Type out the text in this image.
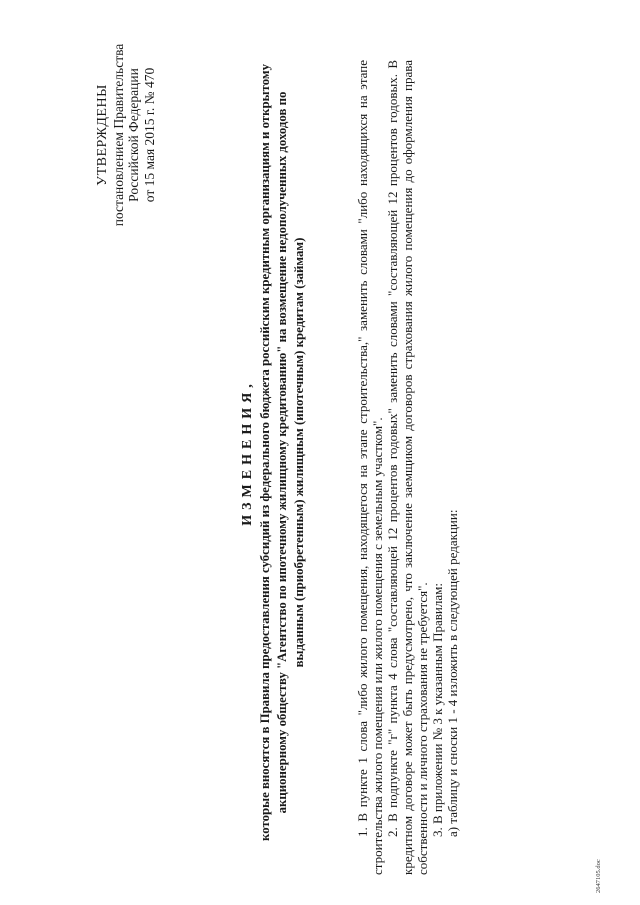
УТВЕРЖДЕНЫ постановлением Правительства Российской Федерации от 15 мая 2015 г. № 470
ИЗМЕНЕНИЯ, которые вносятся в Правила предоставления субсидий из федерального бюджета российским кредитным организациям и открытому акционерному обществу "Агентство по ипотечному жилищному кредитованию" на возмещение недополученных доходов по выданным (приобретенным) жилищным (ипотечным) кредитам (займам)	1. В пункте 1 слова "либо жилого помещения, находящегося на этапе строительства," заменить словами "либо находящихся на этапе строительства жилого помещения или жилого помещения с земельным участком". 2. В подпункте "г" пункта 4 слова "составляющей 12 процентов годовых" заменить словами "составляющей 12 процентов годовых. В кредитном договоре может быть предусмотрено, что заключение заемщиком договоров страхования жилого помещения до оформления права собственности и личного страхования не требуется". 3. В приложении № 3 к указанным Правилам: а) таблицу и сноски 1 - 4 изложить в следующей редакции:

2647105.doc
